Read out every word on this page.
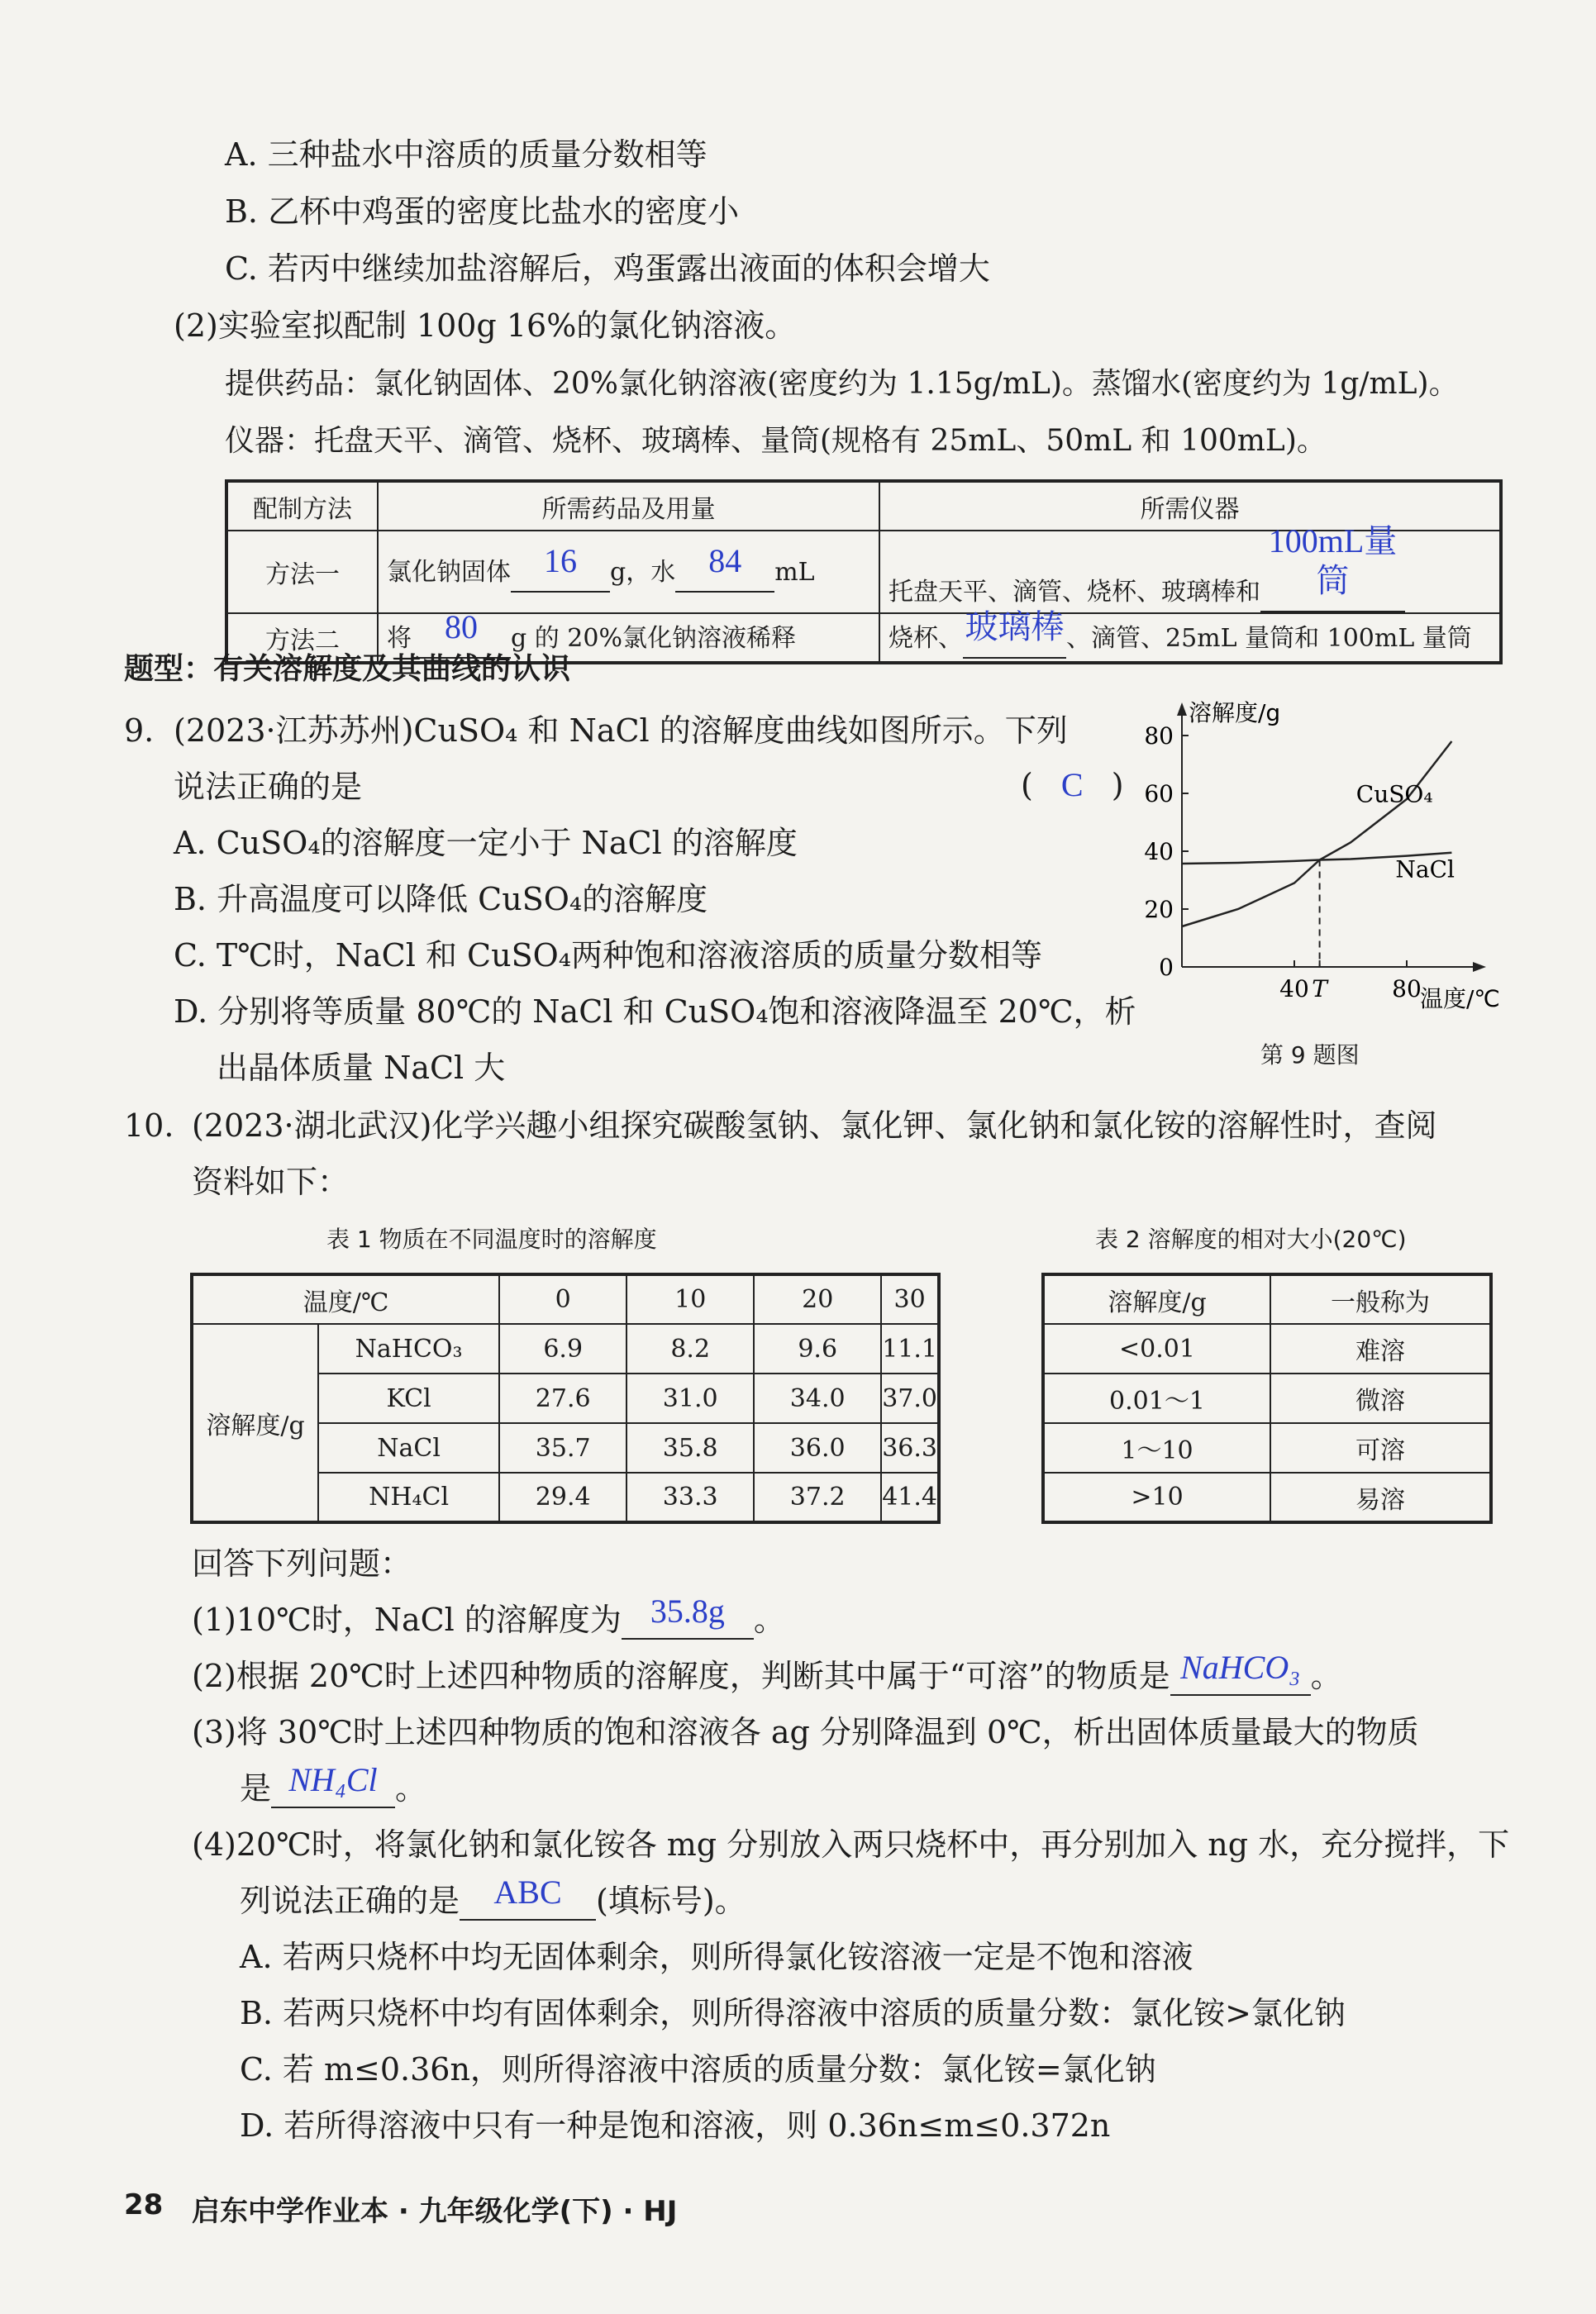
A. 三种盐水中溶质的质量分数相等
B. 乙杯中鸡蛋的密度比盐水的密度小
C. 若丙中继续加盐溶解后，鸡蛋露出液面的体积会增大
(2)实验室拟配制 100g 16%的氯化钠溶液。
提供药品：氯化钠固体、20%氯化钠溶液(密度约为 1.15g/mL)。蒸馏水(密度约为 1g/mL)。
仪器：托盘天平、滴管、烧杯、玻璃棒、量筒(规格有 25mL、50mL 和 100mL)。
配制方法	所需药品及用量	所需仪器
方法一	氯化钠固体 16 g，水 84 mL	托盘天平、滴管、烧杯、玻璃棒和100mL量筒
方法二	将 80 g 的 20%氯化钠溶液稀释	烧杯、玻璃棒、滴管、25mL 量筒和 100mL 量筒
题型：有关溶解度及其曲线的认识
9. (2023·江苏苏州)CuSO₄ 和 NaCl 的溶解度曲线如图所示。下列
说法正确的是	( C )
A. CuSO₄的溶解度一定小于 NaCl 的溶解度
B. 升高温度可以降低 CuSO₄的溶解度
C. T℃时，NaCl 和 CuSO₄两种饱和溶液溶质的质量分数相等
D. 分别将等质量 80℃的 NaCl 和 CuSO₄饱和溶液降温至 20℃，析
出晶体质量 NaCl 大
溶解度/g
温度/℃
80
60
40
20
0
40 T	80
CuSO₄
NaCl
第 9 题图
10. (2023·湖北武汉)化学兴趣小组探究碳酸氢钠、氯化钾、氯化钠和氯化铵的溶解性时，查阅
资料如下：
表 1 物质在不同温度时的溶解度
温度/℃		0	10	20	30
溶解度/g	NaHCO₃	6.9	8.2	9.6	11.1
	KCl	27.6	31.0	34.0	37.0
	NaCl	35.7	35.8	36.0	36.3
	NH₄Cl	29.4	33.3	37.2	41.4
表 2 溶解度的相对大小(20℃)
溶解度/g	一般称为
<0.01	难溶
0.01～1	微溶
1～10	可溶
>10	易溶
回答下列问题：
(1)10℃时，NaCl 的溶解度为 35.8g 。
(2)根据 20℃时上述四种物质的溶解度，判断其中属于“可溶”的物质是 NaHCO₃ 。
(3)将 30℃时上述四种物质的饱和溶液各 ag 分别降温到 0℃，析出固体质量最大的物质
是 NH₄Cl 。
(4)20℃时，将氯化钠和氯化铵各 mg 分别放入两只烧杯中，再分别加入 ng 水，充分搅拌，下
列说法正确的是 ABC (填标号)。
A. 若两只烧杯中均无固体剩余，则所得氯化铵溶液一定是不饱和溶液
B. 若两只烧杯中均有固体剩余，则所得溶液中溶质的质量分数：氯化铵>氯化钠
C. 若 m≤0.36n，则所得溶液中溶质的质量分数：氯化铵=氯化钠
D. 若所得溶液中只有一种是饱和溶液，则 0.36n≤m≤0.372n
28 启东中学作业本 · 九年级化学(下) · HJ
